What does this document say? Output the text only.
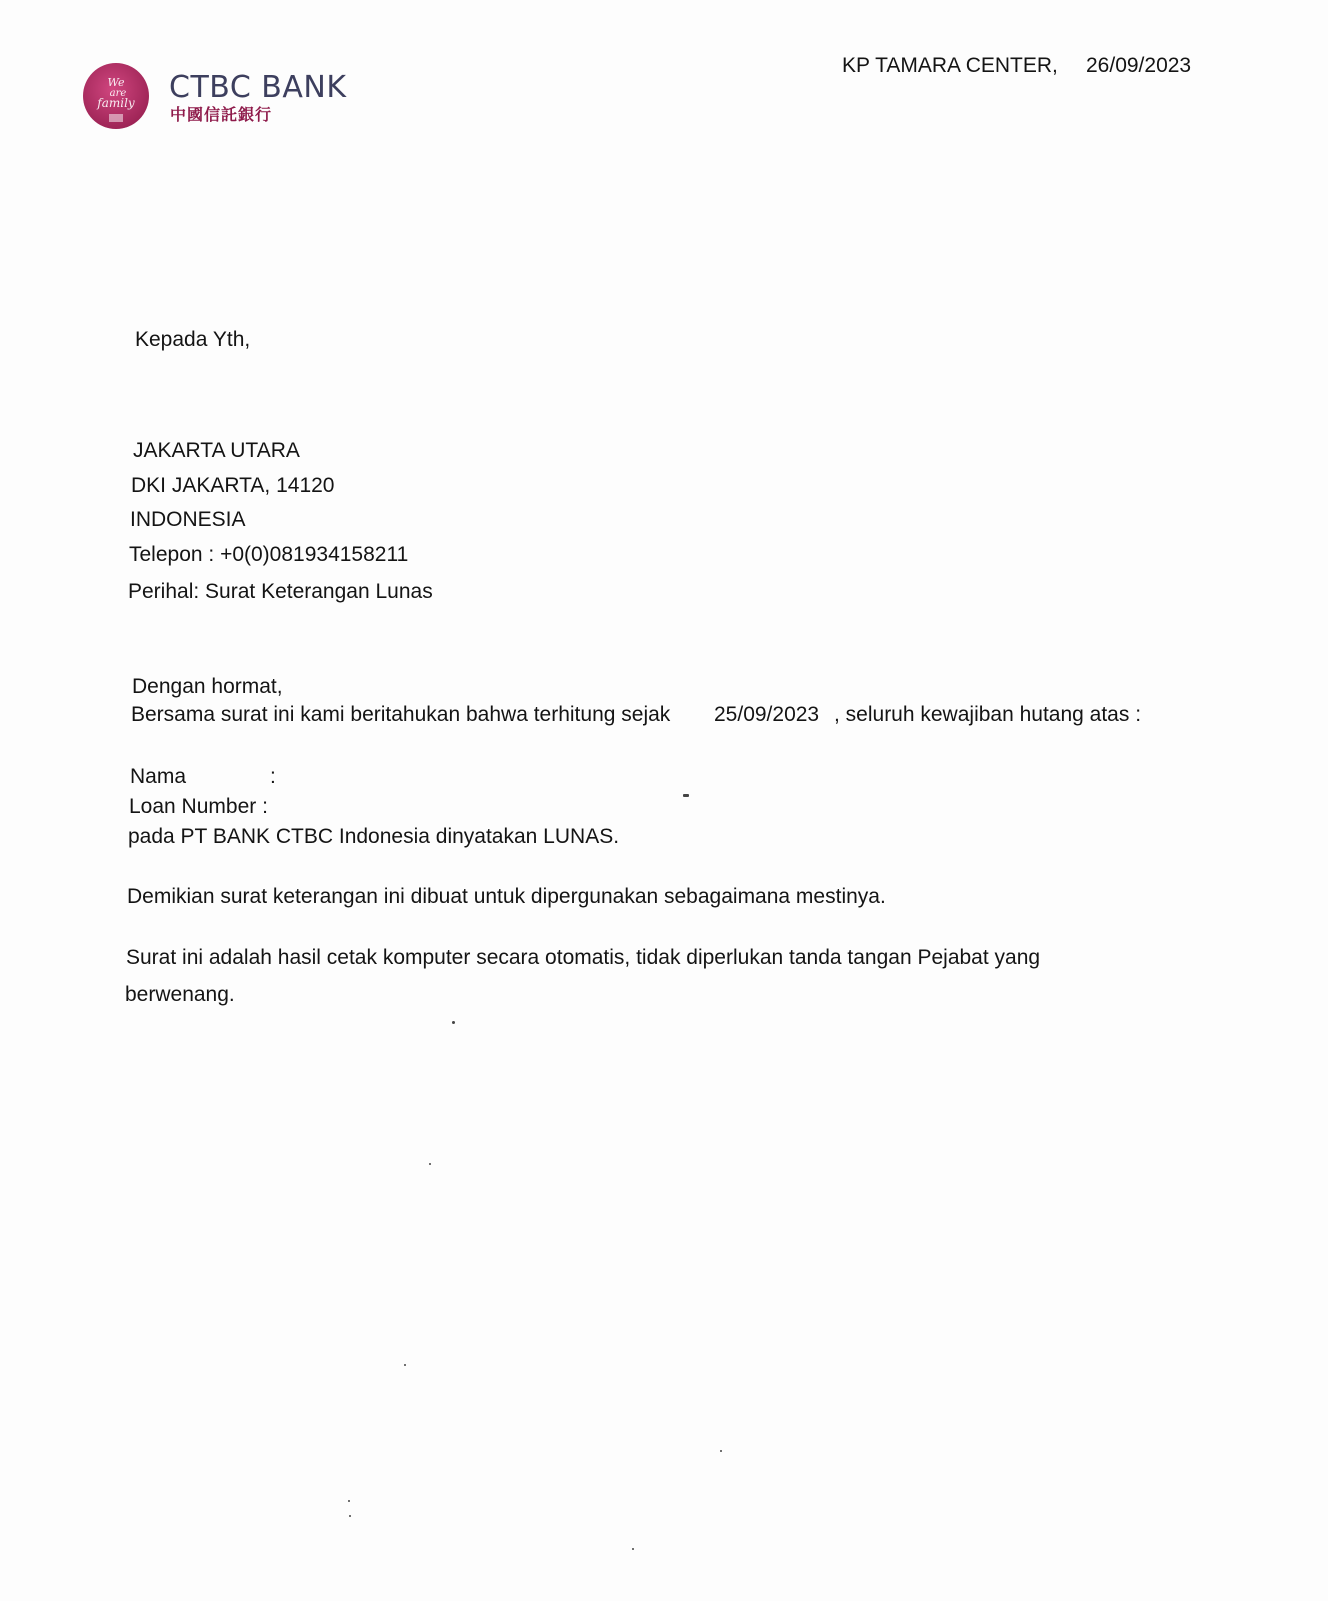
We
are
family CTBC BANK
中國信託銀行
KP TAMARA CENTER, 26/09/2023
Kepada Yth,
JAKARTA UTARA
DKI JAKARTA, 14120
INDONESIA
Telepon : +0(0)081934158211
Perihal: Surat Keterangan Lunas
Dengan hormat,
Bersama surat ini kami beritahukan bahwa terhitung sejak 25/09/2023 , seluruh kewajiban hutang atas :
Nama	:
Loan Number :
pada PT BANK CTBC Indonesia dinyatakan LUNAS.
Demikian surat keterangan ini dibuat untuk dipergunakan sebagaimana mestinya.
Surat ini adalah hasil cetak komputer secara otomatis, tidak diperlukan tanda tangan Pejabat yang
berwenang.
